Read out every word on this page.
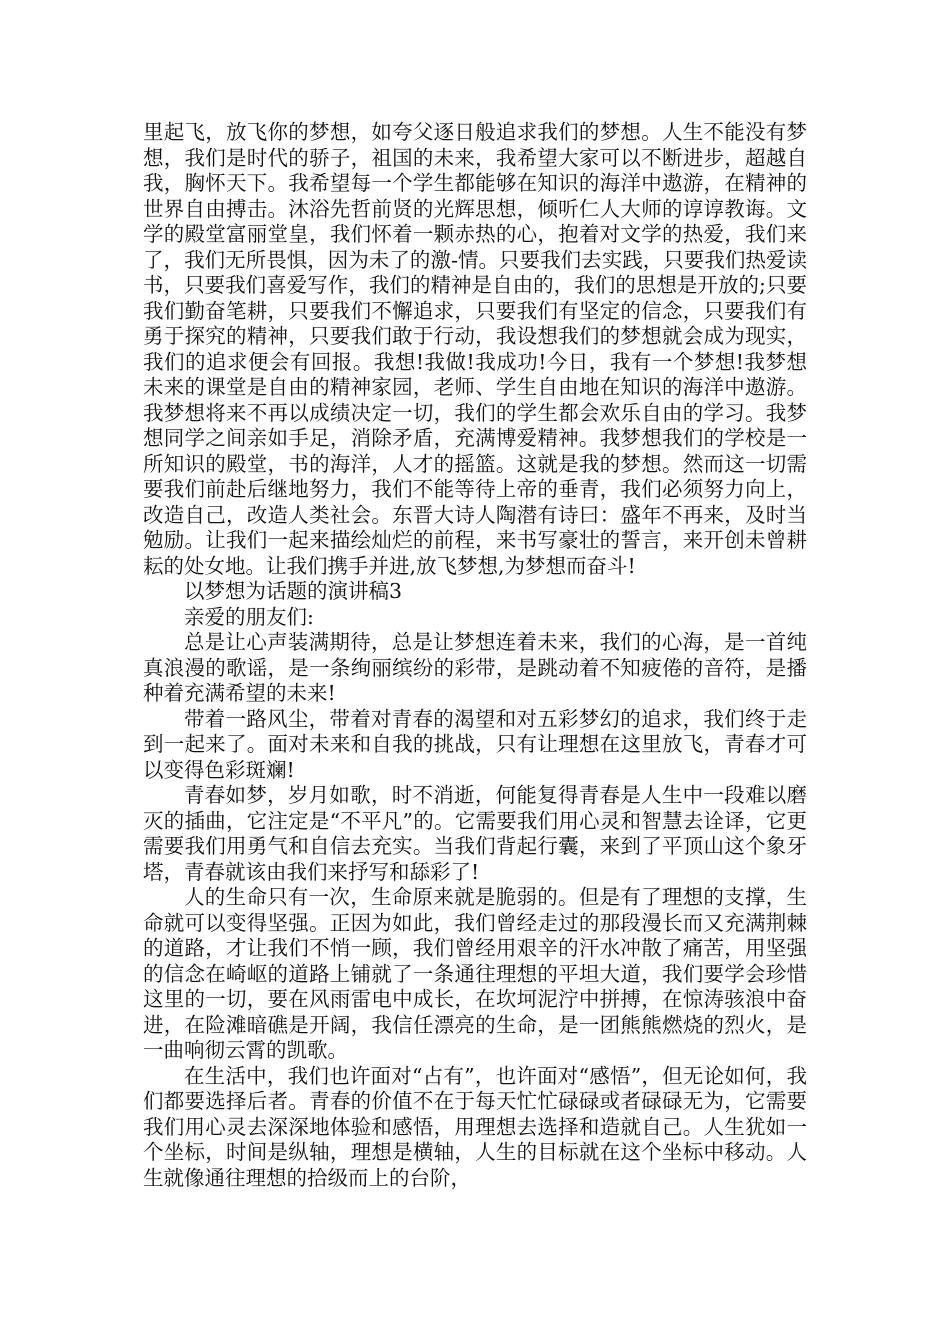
里起飞，放飞你的梦想，如夸父逐日般追求我们的梦想。人生不能没有梦想，我们是时代的骄子，祖国的未来，我希望大家可以不断进步，超越自我，胸怀天下。我希望每一个学生都能够在知识的海洋中遨游，在精神的世界自由搏击。沐浴先哲前贤的光辉思想，倾听仁人大师的谆谆教诲。文学的殿堂富丽堂皇，我们怀着一颗赤热的心，抱着对文学的热爱，我们来了，我们无所畏惧，因为未了的激-情。只要我们去实践，只要我们热爱读书，只要我们喜爱写作，我们的精神是自由的，我们的思想是开放的;只要我们勤奋笔耕，只要我们不懈追求，只要我们有坚定的信念，只要我们有勇于探究的精神，只要我们敢于行动，我设想我们的梦想就会成为现实，我们的追求便会有回报。我想!我做!我成功!今日，我有一个梦想!我梦想未来的课堂是自由的精神家园，老师、学生自由地在知识的海洋中遨游。我梦想将来不再以成绩决定一切，我们的学生都会欢乐自由的学习。我梦想同学之间亲如手足，消除矛盾，充满博爱精神。我梦想我们的学校是一所知识的殿堂，书的海洋，人才的摇篮。这就是我的梦想。然而这一切需要我们前赴后继地努力，我们不能等待上帝的垂青，我们必须努力向上，改造自己，改造人类社会。东晋大诗人陶潜有诗曰：盛年不再来，及时当勉励。让我们一起来描绘灿烂的前程，来书写豪壮的誓言，来开创未曾耕耘的处女地。让我们携手并进,放飞梦想,为梦想而奋斗!

以梦想为话题的演讲稿3

亲爱的朋友们:

总是让心声装满期待，总是让梦想连着未来，我们的心海，是一首纯真浪漫的歌谣，是一条绚丽缤纷的彩带，是跳动着不知疲倦的音符，是播种着充满希望的未来!

带着一路风尘，带着对青春的渴望和对五彩梦幻的追求，我们终于走到一起来了。面对未来和自我的挑战，只有让理想在这里放飞，青春才可以变得色彩斑斓!

青春如梦，岁月如歌，时不消逝，何能复得青春是人生中一段难以磨灭的插曲，它注定是“不平凡”的。它需要我们用心灵和智慧去诠译，它更需要我们用勇气和自信去充实。当我们背起行囊，来到了平顶山这个象牙塔，青春就该由我们来抒写和舔彩了!

人的生命只有一次，生命原来就是脆弱的。但是有了理想的支撑，生命就可以变得坚强。正因为如此，我们曾经走过的那段漫长而又充满荆棘的道路，才让我们不悄一顾，我们曾经用艰辛的汗水冲散了痛苦，用坚强的信念在崎岖的道路上铺就了一条通往理想的平坦大道，我们要学会珍惜这里的一切，要在风雨雷电中成长，在坎坷泥泞中拼搏，在惊涛骇浪中奋进，在险滩暗礁是开阔，我信任漂亮的生命，是一团熊熊燃烧的烈火，是一曲响彻云霄的凯歌。

在生活中，我们也许面对“占有”，也许面对“感悟”，但无论如何，我们都要选择后者。青春的价值不在于每天忙忙碌碌或者碌碌无为，它需要我们用心灵去深深地体验和感悟，用理想去选择和造就自己。人生犹如一个坐标，时间是纵轴，理想是横轴，人生的目标就在这个坐标中移动。人生就像通往理想的拾级而上的台阶，
